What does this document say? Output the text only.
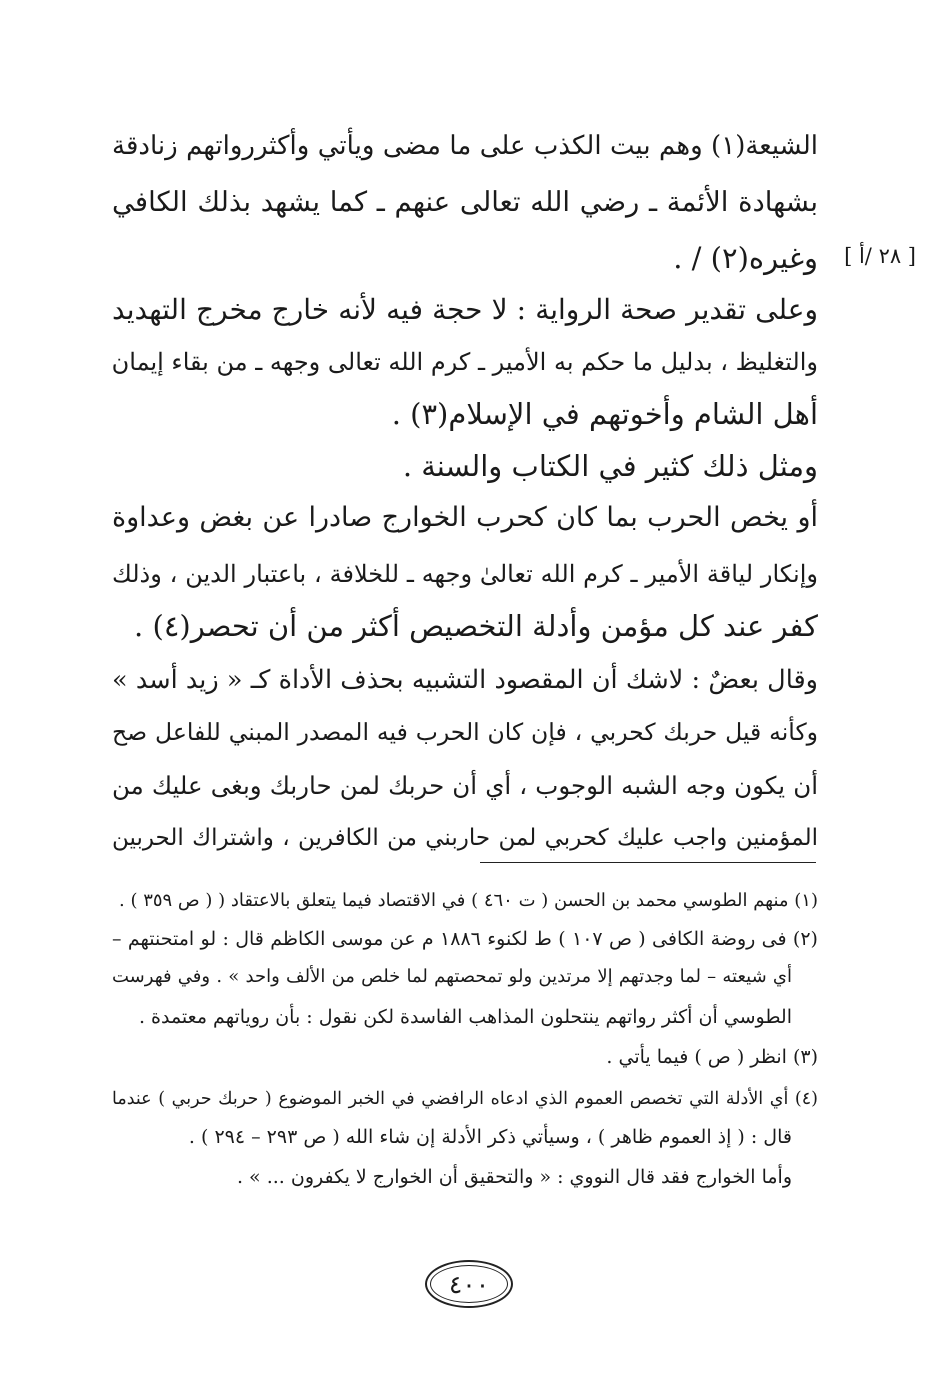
[ ٢٨ /أ ]
الشيعة(١) وهم بيت الكذب على ما مضى ويأتي وأكثررواتهم زنادقة
بشهادة الأئمة ـ رضي الله تعالى عنهم ـ كما يشهد بذلك الكافي
وغيره(٢) / .
وعلى تقدير صحة الرواية : لا حجة فيه لأنه خارج مخرج التهديد
والتغليظ ، بدليل ما حكم به الأمير ـ كرم الله تعالى وجهه ـ من بقاء إيمان
أهل الشام وأخوتهم في الإسلام(٣) .
ومثل ذلك كثير في الكتاب والسنة .
أو يخص الحرب بما كان كحرب الخوارج صادرا عن بغض وعداوة
وإنكار لياقة الأمير ـ كرم الله تعالىٰ وجهه ـ للخلافة ، باعتبار الدين ، وذلك
كفر عند كل مؤمن وأدلة التخصيص أكثر من أن تحصر(٤) .
وقال بعضٌ : لاشك أن المقصود التشبيه بحذف الأداة كـ « زيد أسد »
وكأنه قيل حربك كحربي ، فإن كان الحرب فيه المصدر المبني للفاعل صح
أن يكون وجه الشبه الوجوب ، أي أن حربك لمن حاربك وبغى عليك من
المؤمنين واجب عليك كحربي لمن حاربني من الكافرين ، واشتراك الحربين
(١) منهم الطوسي محمد بن الحسن ( ت ٤٦٠ ) في الاقتصاد فيما يتعلق بالاعتقاد ( ( ص ٣٥٩ ) .
(٢) فى روضة الكافى ( ص ١٠٧ ) ط لكنوء ١٨٨٦ م عن موسى الكاظم قال : لو امتحنتهم –
أي شيعته – لما وجدتهم إلا مرتدين ولو تمحصتهم لما خلص من الألف واحد » . وفي فهرست
الطوسي أن أكثر رواتهم ينتحلون المذاهب الفاسدة لكن نقول : بأن روياتهم معتمدة .
(٣) انظر ( ص ) فيما يأتي .
(٤) أي الأدلة التي تخصص العموم الذي ادعاه الرافضي في الخبر الموضوع ( حربك حربي ) عندما
قال : ( إذ العموم ظاهر ) ، وسيأتي ذكر الأدلة إن شاء الله ( ص ٢٩٣ – ٢٩٤ ) .
وأما الخوارج فقد قال النووي : « والتحقيق أن الخوارج لا يكفرون ... » .
٤٠٠
